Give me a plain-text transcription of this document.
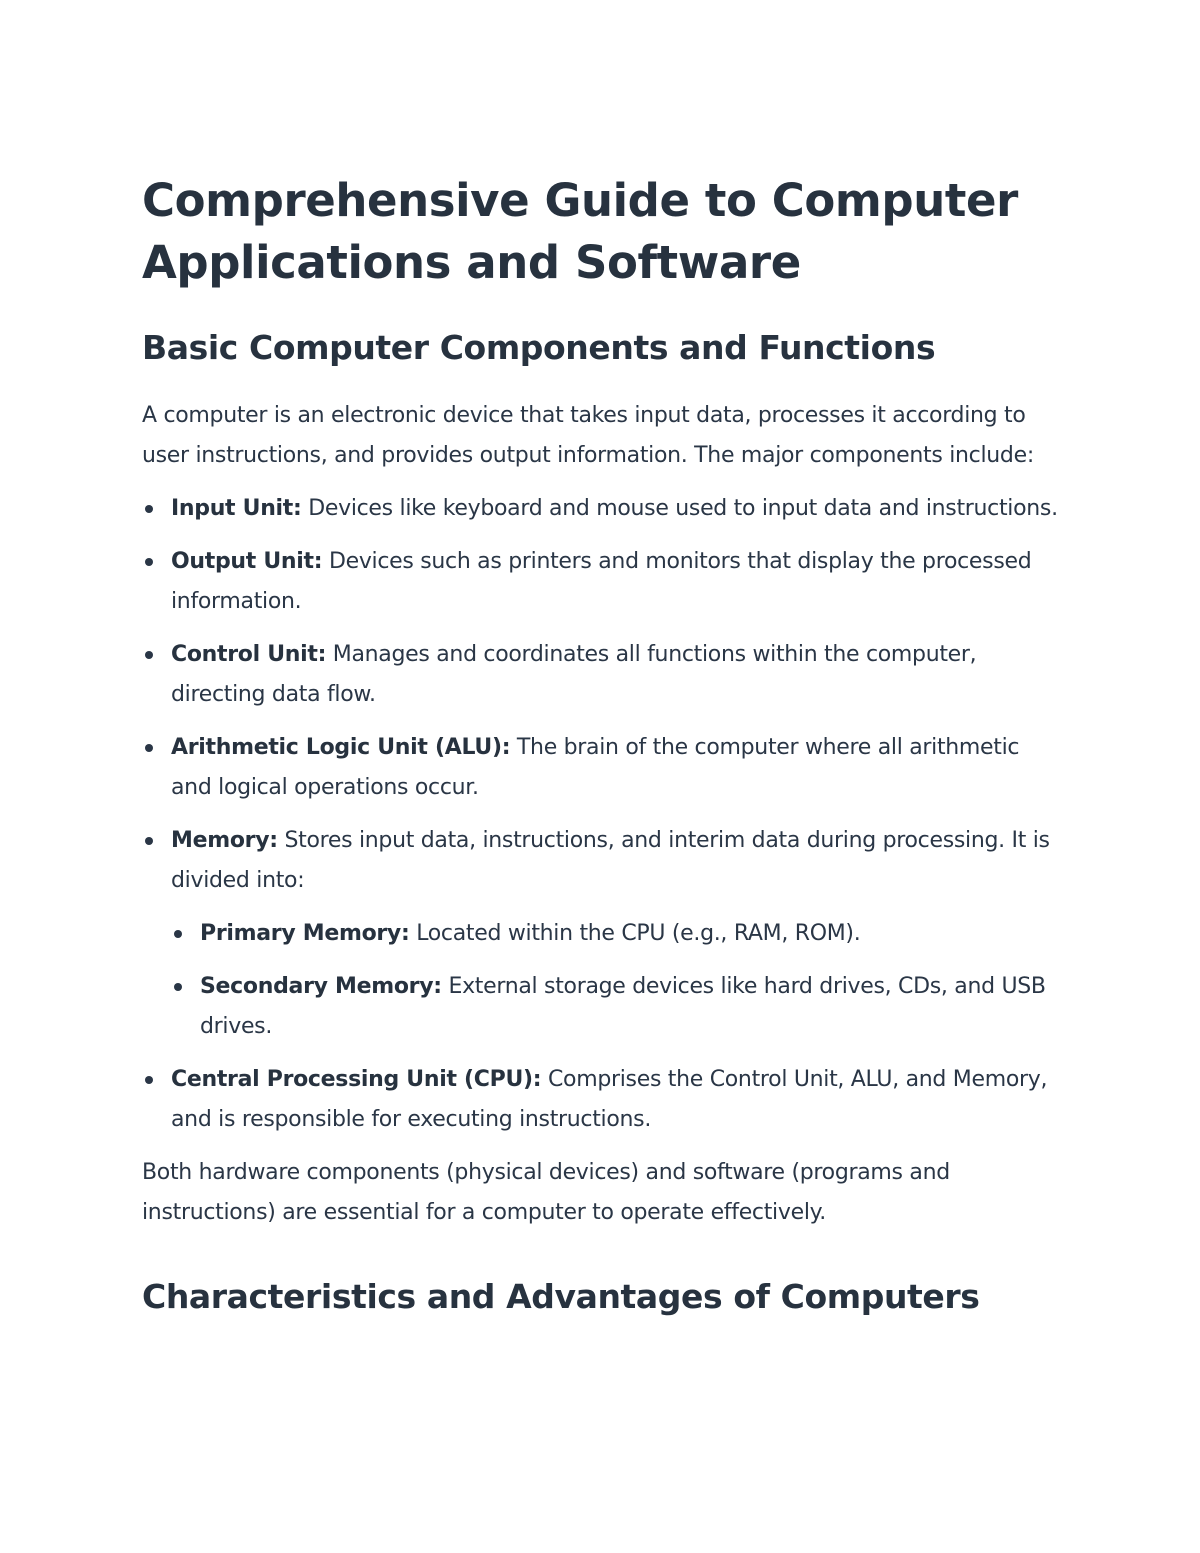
Comprehensive Guide to Computer Applications and Software
Basic Computer Components and Functions

A computer is an electronic device that takes input data, processes it according to user instructions, and provides output information. The major components include:

Input Unit: Devices like keyboard and mouse used to input data and instructions.
Output Unit: Devices such as printers and monitors that display the processed information.
Control Unit: Manages and coordinates all functions within the computer, directing data flow.
Arithmetic Logic Unit (ALU): The brain of the computer where all arithmetic and logical operations occur.
Memory: Stores input data, instructions, and interim data during processing. It is divided into:
Primary Memory: Located within the CPU (e.g., RAM, ROM).
Secondary Memory: External storage devices like hard drives, CDs, and USB drives.
Central Processing Unit (CPU): Comprises the Control Unit, ALU, and Memory, and is responsible for executing instructions.

Both hardware components (physical devices) and software (programs and instructions) are essential for a computer to operate effectively.

Characteristics and Advantages of Computers
